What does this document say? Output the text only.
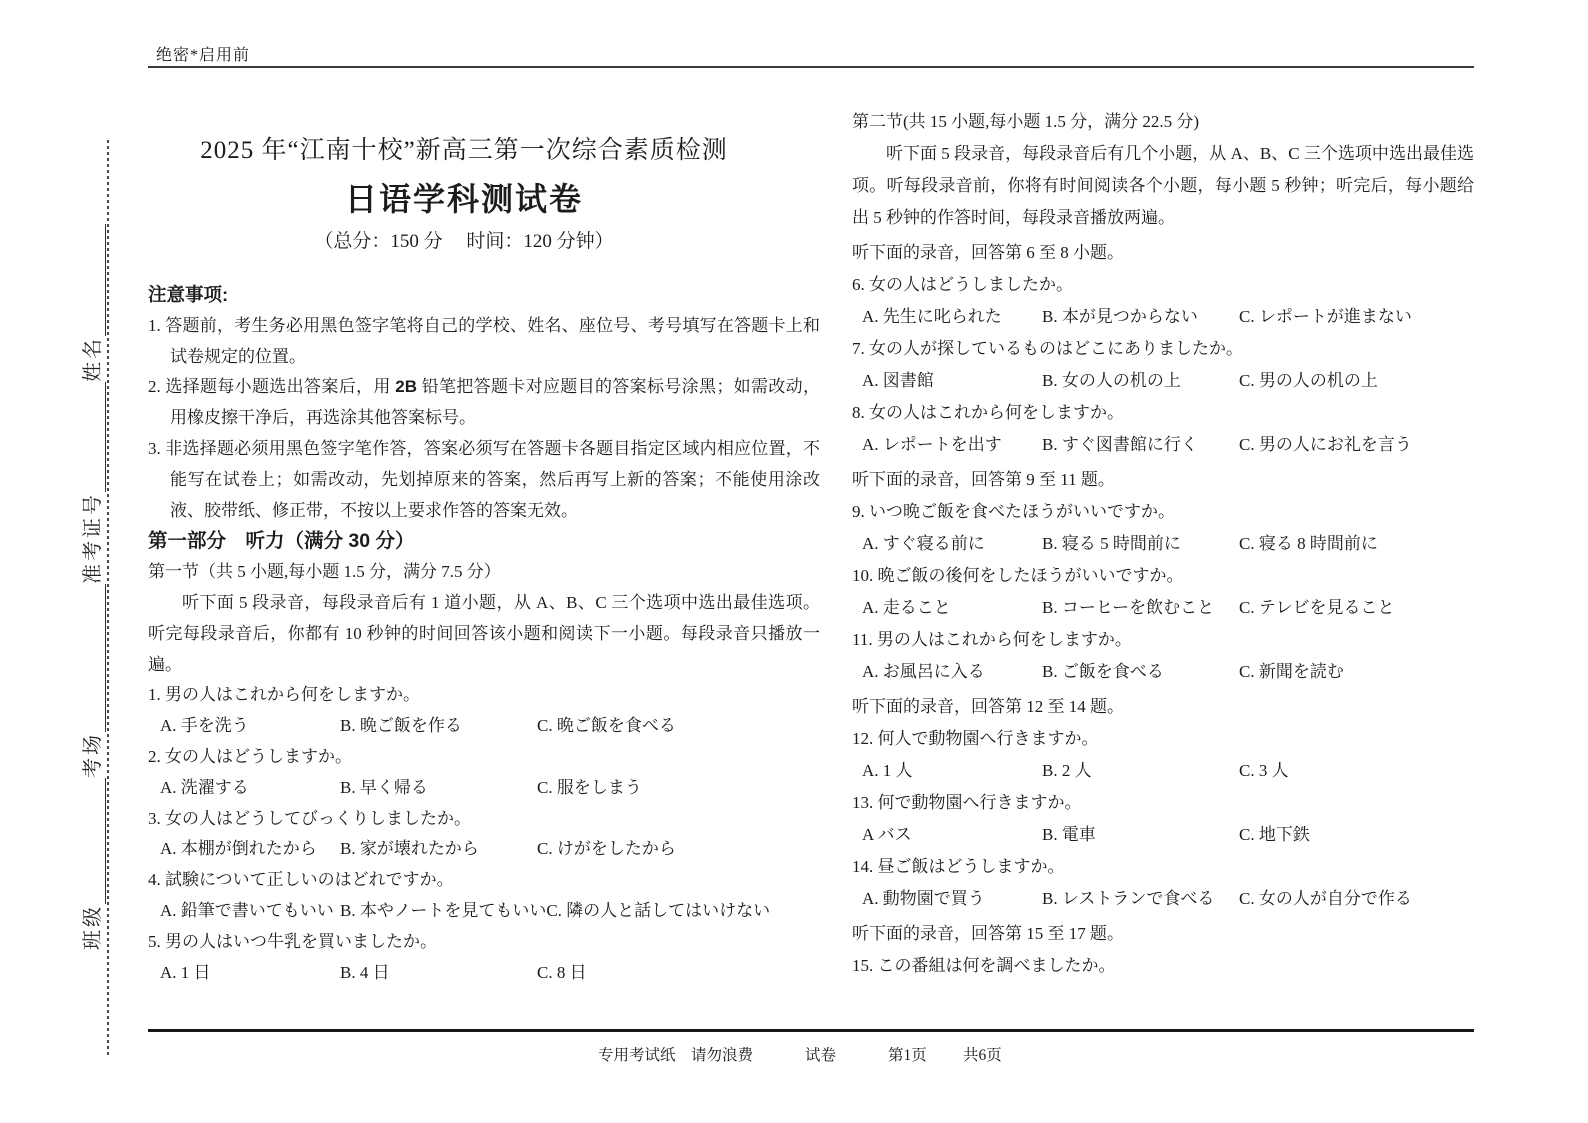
绝密*启用前
班级
考场
准考证号
姓名
2025 年“江南十校”新高三第一次综合素质检测
日语学科测试卷
（总分：150 分　 时间：120 分钟）
注意事项:
1. 答题前，考生务必用黑色签字笔将自己的学校、姓名、座位号、考号填写在答题卡上和试卷规定的位置。
2. 选择题每小题选出答案后，用 2B 铅笔把答题卡对应题目的答案标号涂黑；如需改动，用橡皮擦干净后，再选涂其他答案标号。
3. 非选择题必须用黑色签字笔作答，答案必须写在答题卡各题目指定区域内相应位置，不能写在试卷上；如需改动，先划掉原来的答案，然后再写上新的答案；不能使用涂改液、胶带纸、修正带，不按以上要求作答的答案无效。
第一部分　听力（满分 30 分）
第一节（共 5 小题,每小题 1.5 分，满分 7.5 分）
听下面 5 段录音，每段录音后有 1 道小题，从 A、B、C 三个选项中选出最佳选项。听完每段录音后，你都有 10 秒钟的时间回答该小题和阅读下一小题。每段录音只播放一遍。
1. 男の人はこれから何をしますか。
A. 手を洗う	B. 晩ご飯を作る	C. 晩ご飯を食べる
2. 女の人はどうしますか。
A. 洗濯する	B. 早く帰る	C. 服をしまう
3. 女の人はどうしてびっくりしましたか。
A. 本棚が倒れたから	B. 家が壊れたから	C. けがをしたから
4. 試験について正しいのはどれですか。
A. 鉛筆で書いてもいい B. 本やノートを見てもいい C. 隣の人と話してはいけない
5. 男の人はいつ牛乳を買いましたか。
A. 1 日	B. 4 日	C. 8 日
第二节(共 15 小题,每小题 1.5 分，满分 22.5 分)
听下面 5 段录音，每段录音后有几个小题，从 A、B、C 三个选项中选出最佳选项。听每段录音前，你将有时间阅读各个小题，每小题 5 秒钟；听完后，每小题给出 5 秒钟的作答时间，每段录音播放两遍。
听下面的录音，回答第 6 至 8 小题。
6. 女の人はどうしましたか。
A. 先生に叱られた	B. 本が見つからない	C. レポートが進まない
7. 女の人が探しているものはどこにありましたか。
A. 図書館	B. 女の人の机の上	C. 男の人の机の上
8. 女の人はこれから何をしますか。
A. レポートを出す	B. すぐ図書館に行く	C. 男の人にお礼を言う
听下面的录音，回答第 9 至 11 题。
9. いつ晩ご飯を食べたほうがいいですか。
A. すぐ寝る前に	B. 寝る 5 時間前に	C. 寝る 8 時間前に
10. 晩ご飯の後何をしたほうがいいですか。
A. 走ること	B. コーヒーを飲むこと	C. テレビを見ること
11. 男の人はこれから何をしますか。
A. お風呂に入る	B. ご飯を食べる	C. 新聞を読む
听下面的录音，回答第 12 至 14 题。
12. 何人で動物園へ行きますか。
A. 1 人	B. 2 人	C. 3 人
13. 何で動物園へ行きますか。
A バス	B. 電車	C. 地下鉄
14. 昼ご飯はどうしますか。
A. 動物園で買う	B. レストランで食べる	C. 女の人が自分で作る
听下面的录音，回答第 15 至 17 题。
15. この番組は何を調べましたか。
专用考试纸　请勿浪费	试卷	第1页 共6页
